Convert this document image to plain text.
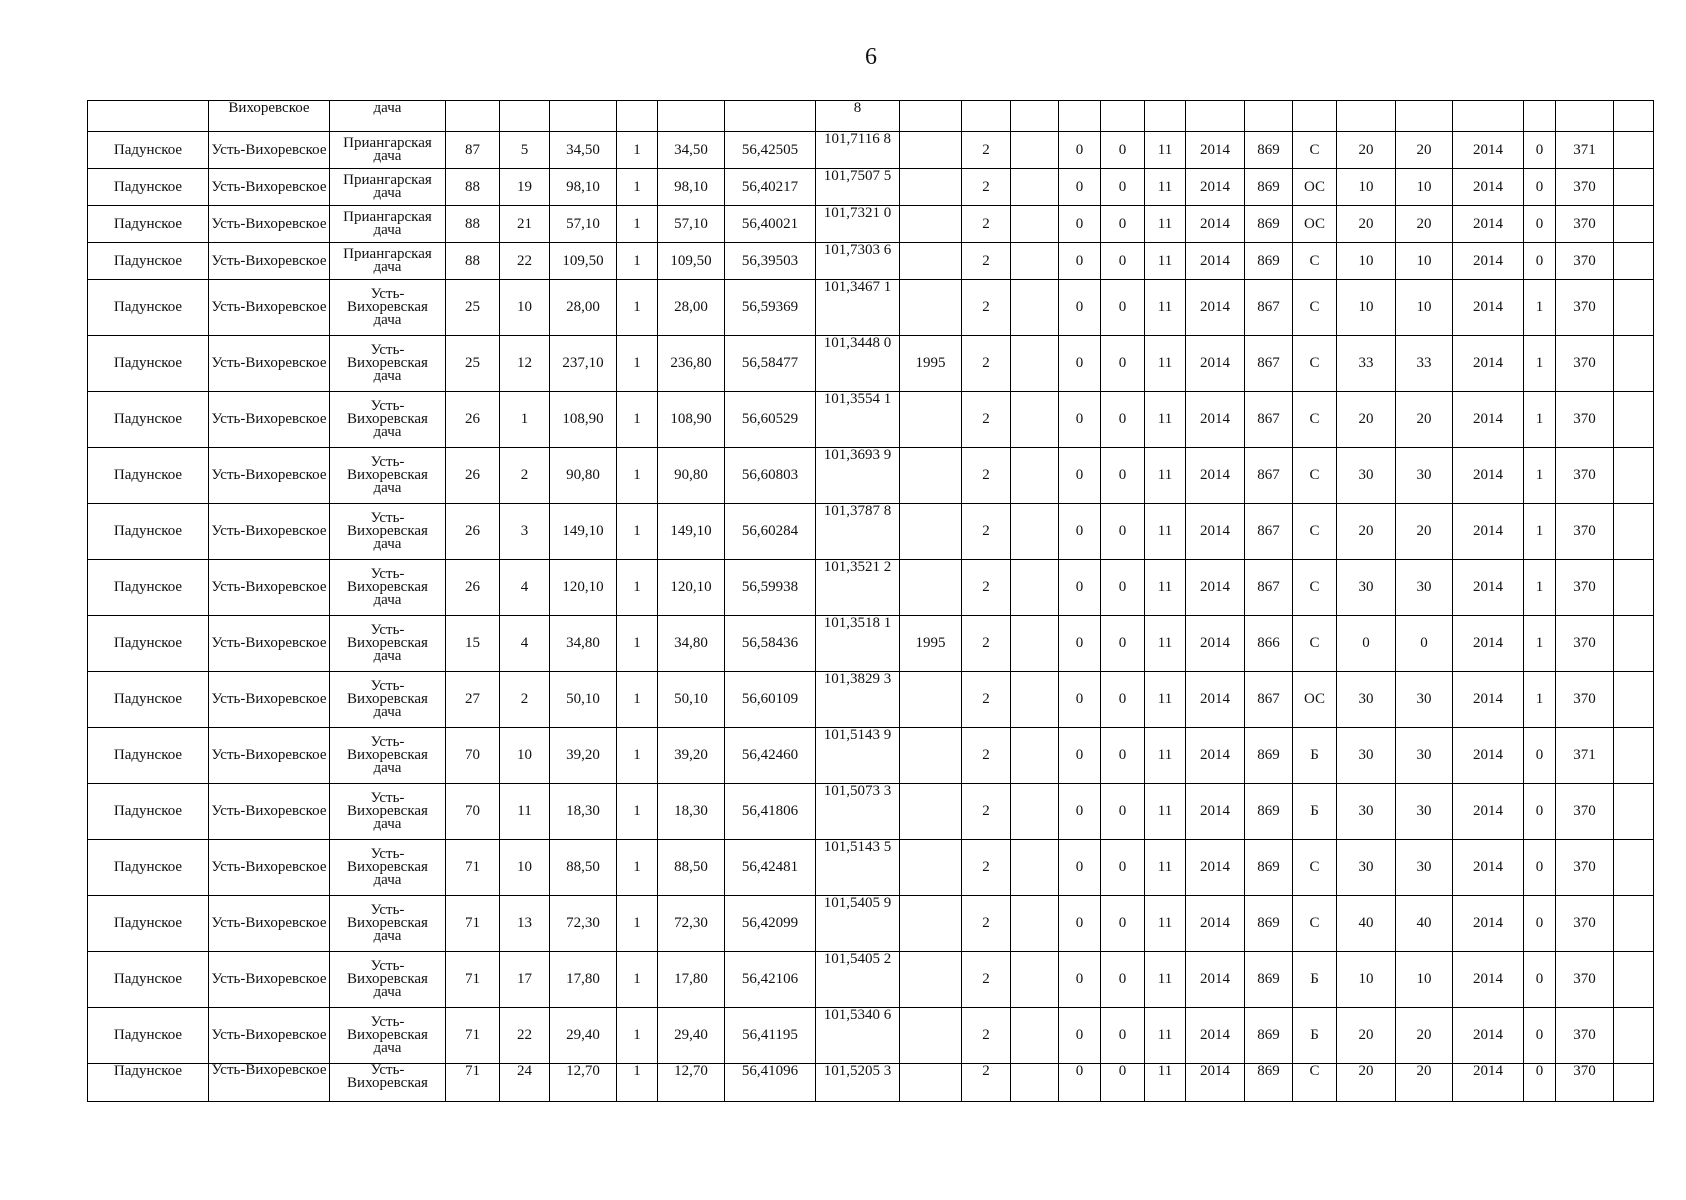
6
	Вихоревское	дача							8															
Падунское	Усть-Вихоревское	Приангарская дача	87	5	34,50	1	34,50	56,42505	101,7116 8		2		0	0	11	2014	869	С	20	20	2014	0	371	
Падунское	Усть-Вихоревское	Приангарская дача	88	19	98,10	1	98,10	56,40217	101,7507 5		2		0	0	11	2014	869	ОС	10	10	2014	0	370	
Падунское	Усть-Вихоревское	Приангарская дача	88	21	57,10	1	57,10	56,40021	101,7321 0		2		0	0	11	2014	869	ОС	20	20	2014	0	370	
Падунское	Усть-Вихоревское	Приангарская дача	88	22	109,50	1	109,50	56,39503	101,7303 6		2		0	0	11	2014	869	С	10	10	2014	0	370	
Падунское	Усть-Вихоревское	Усть-Вихоревская дача	25	10	28,00	1	28,00	56,59369	101,3467 1		2		0	0	11	2014	867	С	10	10	2014	1	370	
Падунское	Усть-Вихоревское	Усть-Вихоревская дача	25	12	237,10	1	236,80	56,58477	101,3448 0	1995	2		0	0	11	2014	867	С	33	33	2014	1	370	
Падунское	Усть-Вихоревское	Усть-Вихоревская дача	26	1	108,90	1	108,90	56,60529	101,3554 1		2		0	0	11	2014	867	С	20	20	2014	1	370	
Падунское	Усть-Вихоревское	Усть-Вихоревская дача	26	2	90,80	1	90,80	56,60803	101,3693 9		2		0	0	11	2014	867	С	30	30	2014	1	370	
Падунское	Усть-Вихоревское	Усть-Вихоревская дача	26	3	149,10	1	149,10	56,60284	101,3787 8		2		0	0	11	2014	867	С	20	20	2014	1	370	
Падунское	Усть-Вихоревское	Усть-Вихоревская дача	26	4	120,10	1	120,10	56,59938	101,3521 2		2		0	0	11	2014	867	С	30	30	2014	1	370	
Падунское	Усть-Вихоревское	Усть-Вихоревская дача	15	4	34,80	1	34,80	56,58436	101,3518 1	1995	2		0	0	11	2014	866	С	0	0	2014	1	370	
Падунское	Усть-Вихоревское	Усть-Вихоревская дача	27	2	50,10	1	50,10	56,60109	101,3829 3		2		0	0	11	2014	867	ОС	30	30	2014	1	370	
Падунское	Усть-Вихоревское	Усть-Вихоревская дача	70	10	39,20	1	39,20	56,42460	101,5143 9		2		0	0	11	2014	869	Б	30	30	2014	0	371	
Падунское	Усть-Вихоревское	Усть-Вихоревская дача	70	11	18,30	1	18,30	56,41806	101,5073 3		2		0	0	11	2014	869	Б	30	30	2014	0	370	
Падунское	Усть-Вихоревское	Усть-Вихоревская дача	71	10	88,50	1	88,50	56,42481	101,5143 5		2		0	0	11	2014	869	С	30	30	2014	0	370	
Падунское	Усть-Вихоревское	Усть-Вихоревская дача	71	13	72,30	1	72,30	56,42099	101,5405 9		2		0	0	11	2014	869	С	40	40	2014	0	370	
Падунское	Усть-Вихоревское	Усть-Вихоревская дача	71	17	17,80	1	17,80	56,42106	101,5405 2		2		0	0	11	2014	869	Б	10	10	2014	0	370	
Падунское	Усть-Вихоревское	Усть-Вихоревская дача	71	22	29,40	1	29,40	56,41195	101,5340 6		2		0	0	11	2014	869	Б	20	20	2014	0	370	
Падунское	Усть-Вихоревское	Усть-Вихоревская	71	24	12,70	1	12,70	56,41096	101,5205 3		2		0	0	11	2014	869	С	20	20	2014	0	370	
